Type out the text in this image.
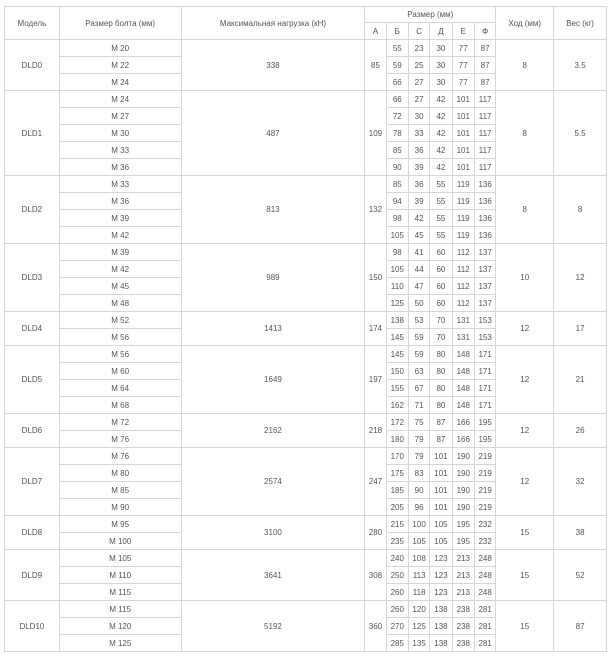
Модель	Размер болта (мм)	Максимальная нагрузка (кН)	Размер (мм)						Ход (мм)	Вес (кг)
			A	Б	С	Д	Е	Ф		
DLD0	M 20	338	85	55	23	30	77	87	8	3.5
	M 22			59	25	30	77	87		
	M 24			66	27	30	77	87		
DLD1	M 24	487	109	66	27	42	101	117	8	5.5
	M 27			72	30	42	101	117		
	M 30			78	33	42	101	117		
	M 33			85	36	42	101	117		
	M 36			90	39	42	101	117		
DLD2	M 33	813	132	85	36	55	119	136	8	8
	M 36			94	39	55	119	136		
	M 39			98	42	55	119	136		
	M 42			105	45	55	119	136		
DLD3	M 39	989	150	98	41	60	112	137	10	12
	M 42			105	44	60	112	137		
	M 45			110	47	60	112	137		
	M 48			125	50	60	112	137		
DLD4	M 52	1413	174	138	53	70	131	153	12	17
	M 56			145	59	70	131	153		
DLD5	M 56	1649	197	145	59	80	148	171	12	21
	M 60			150	63	80	148	171		
	M 64			155	67	80	148	171		
	M 68			162	71	80	148	171		
DLD6	M 72	2162	218	172	75	87	166	195	12	26
	M 76			180	79	87	166	195		
DLD7	M 76	2574	247	170	79	101	190	219	12	32
	M 80			175	83	101	190	219		
	M 85			185	90	101	190	219		
	M 90			205	96	101	190	219		
DLD8	M 95	3100	280	215	100	105	195	232	15	38
	M 100			235	105	105	195	232		
DLD9	M 105	3641	308	240	108	123	213	248	15	52
	M 110			250	113	123	213	248		
	M 115			260	118	123	213	248		
DLD10	M 115	5192	360	260	120	138	238	281	15	87
	M 120			270	125	138	238	281		
	M 125			285	135	138	238	281		
